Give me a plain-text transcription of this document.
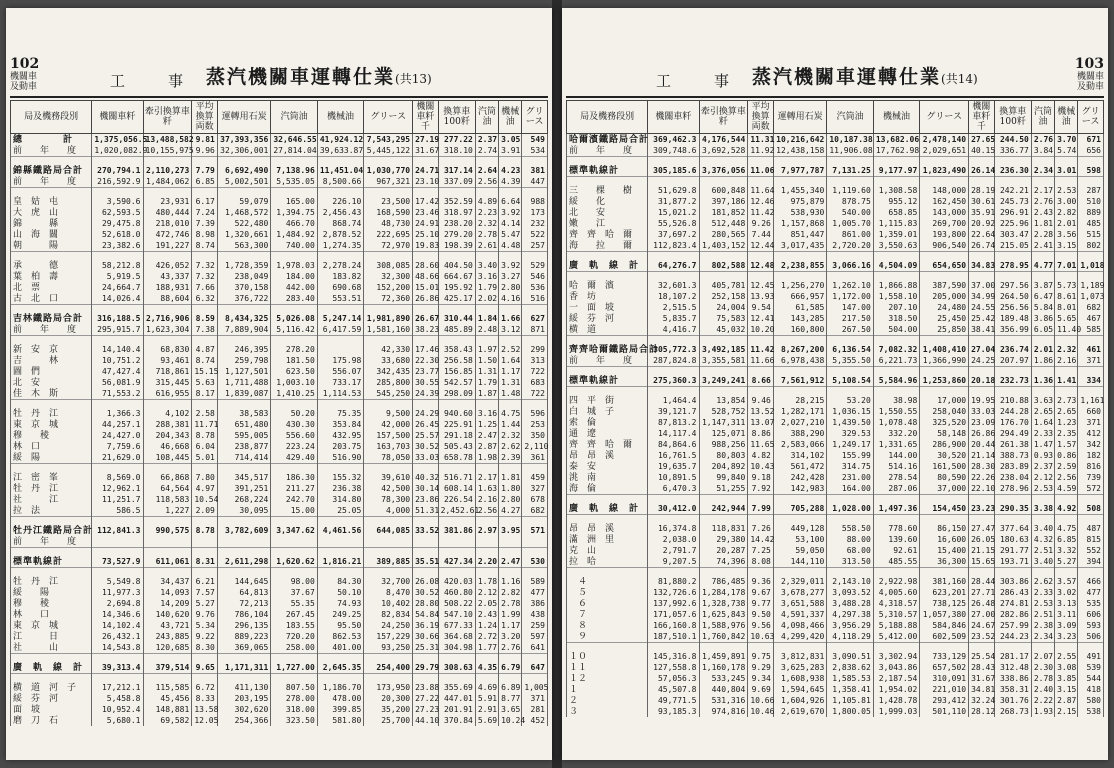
102
機關車
及動車	工　事 蒸汽機關車運轉仕業(共13)
局及機務段別	機關車粁	牽引換算車粁	平均換算両数	運轉用石炭	汽筒油	機械油	グリース	機關車粁千	換算車100粁	汽筒油	機械油	グリース
總　　　　計	1,375,056.5	13,488,582	9.81	37,393,356	32,646.55	41,924.12	7,543,295	27.19	277.22	2.37	3.05	549
前　　年　　度	1,020,082.9	10,155,975	9.96	32,306,001	27,814.04	39,633.87	5,445,122	31.67	318.10	2.74	3.91	534

錦縣鐵路局合計	270,794.1	2,110,273	7.79	6,692,490	7,138.96	11,451.04	1,030,770	24.71	317.14	2.64	4.23	381
前　　年　　度	216,592.9	1,484,062	6.85	5,002,501	5,535.05	8,500.66	967,321	23.10	337.09	2.56	4.39	447

皇　姑　屯	3,590.6	23,931	6.17	59,079	165.00	226.10	23,500	17.42	352.59	4.89	6.64	988
大　虎　山	62,593.5	480,444	7.24	1,468,572	1,394.75	2,456.43	168,590	23.46	318.97	2.23	3.92	173
錦　　　縣	29,475.8	218,010	7.39	522,480	466.70	868.74	48,730	24.91	238.20	2.32	4.14	232
山　海　關	52,618.0	472,746	8.98	1,320,661	1,484.92	2,878.52	222,695	25.10	279.20	2.78	5.47	522
朝　　　陽	23,382.6	191,227	8.74	563,300	740.00	1,274.35	72,970	19.83	198.39	2.61	4.48	257

承　　　德	58,212.8	426,052	7.32	1,728,359	1,978.03	2,278.24	308,085	28.60	404.50	3.40	3.92	529
葉　柏　壽	5,919.5	43,337	7.32	238,049	184.00	183.82	32,300	48.66	664.67	3.16	3.27	546
北　票	24,664.7	188,931	7.66	370,158	442.00	690.68	152,200	15.01	195.92	1.79	2.80	536
古　北　口	14,026.4	88,604	6.32	376,722	283.40	553.51	72,360	26.86	425.17	2.02	4.16	516

吉林鐵路局合計	316,188.5	2,716,906	8.59	8,434,325	5,026.08	5,247.14	1,981,890	26.67	310.44	1.84	1.66	627
前　　年　　度	295,915.7	1,623,304	7.38	7,889,904	5,116.42	6,417.59	1,581,160	38.23	485.89	2.48	3.12	871

新　安　京	14,140.4	68,830	4.87	246,395	278.20		42,330	17.46	358.43	1.97	2.52	299
吉　　　林	10,751.2	93,461	8.74	259,798	181.50	175.98	33,680	22.30	256.58	1.50	1.64	313
圖　們	47,427.4	718,861	15.15	1,127,501	623.50	556.07	342,435	23.77	156.85	1.31	1.17	722
北　安	56,081.9	315,445	5.63	1,711,488	1,003.10	733.17	285,800	30.55	542.57	1.79	1.31	683
佳　木　斯	71,553.2	616,955	8.17	1,839,087	1,410.25	1,114.53	545,250	24.39	298.09	1.87	1.48	722

牡　丹　江	1,366.3	4,102	2.58	38,583	50.20	75.35	9,500	24.29	940.60	3.16	4.75	596
東　京　城	44,257.1	288,381	11.71	651,480	430.30	353.84	42,000	26.45	225.91	1.25	1.44	253
穆　　稜	24,427.0	204,343	8.78	595,005	556.60	432.95	157,500	25.57	291.18	2.47	2.32	350
林　口	7,759.6	46,668	6.04	238,877	223.24	203.75	163,703	30.52	505.43	2.87	2.62	2,110
綏　陽	21,629.0	108,445	5.01	714,414	429.40	516.90	78,050	33.03	658.78	1.98	2.39	361

江　密　峯	8,569.0	66,868	7.80	345,517	186.30	155.32	39,610	40.32	516.71	2.17	1.81	459
牡　丹　江	12,962.1	64,564	4.97	391,251	211.27	236.38	42,500	30.14	608.14	1.63	1.80	327
社　　　江	11,251.7	118,583	10.54	268,224	242.70	314.80	78,300	23.86	226.54	2.16	2.80	678
拉　法	586.5	1,227	2.09	30,095	15.00	25.05	4,000	51.31	2,452.61	2.56	4.27	682

牡丹江鐵路局合計	112,841.3	990,575	8.78	3,782,609	3,347.62	4,461.56	644,085	33.52	381.86	2.97	3.95	571
前　　年　　度												

標準軌線計	73,527.9	611,061	8.31	2,611,298	1,620.62	1,816.21	389,885	35.51	427.34	2.20	2.47	530

牡　丹　江	5,549.8	34,437	6.21	144,645	98.00	84.30	32,700	26.08	420.03	1.78	1.16	589
綏　　陽	11,977.3	14,093	7.57	64,813	37.67	50.10	8,470	30.52	460.80	2.12	2.82	477
穆　　稜	2,694.8	14,209	5.27	72,213	55.35	74.93	10,402	28.80	508.22	2.05	2.78	386
林　　口	14,346.6	140,620	9.76	786,104	267.45	249.25	82,834	54.84	547.10	2.43	1.99	438
東　京　城	14,102.4	43,721	5.34	296,135	183.55	95.50	24,250	36.19	677.33	1.24	1.17	259
江　　　日	26,432.1	243,885	9.22	889,223	720.20	862.53	157,229	30.66	364.68	2.72	3.20	597
社　　　山	14,543.8	120,685	8.30	369,065	258.00	401.00	93,250	25.31	304.98	1.77	2.76	641

廣　軌　線　計	39,313.4	379,514	9.65	1,171,311	1,727.00	2,645.35	254,400	29.79	308.63	4.35	6.79	647

横　道　河　子	17,212.1	115,585	6.72	411,130	807.50	1,186.70	173,950	23.88	355.69	4.69	6.89	1,005
綏　芬　河	5,458.8	45,456	8.33	203,195	278.00	478.00	20,300	27.22	447.01	5.91	8.77	371
面　坡	10,952.4	148,881	13.58	302,620	318.00	399.85	35,200	27.23	201.91	2.91	3.65	281
磨　刀　石	5,680.1	69,582	12.05	254,366	323.50	581.80	25,700	44.10	370.84	5.69	10.24	452
103
機關車
及動車
工　事 蒸汽機關車運轉仕業(共14)
局及機務段別	機關車粁	牽引換算車粁	平均換算両数	運轉用石炭	汽筒油	機械油	グリース	機關車粁千	換算車100粁	汽筒油	機械油	グリース
哈爾濱鐵路局合計	369,462.3	4,176,544	11.31	10,216,642	10,187.38	13,682.06	2,478,140	27.65	244.50	2.76	3.70	671
前　　年　　度	309,748.6	3,692,528	11.92	12,438,158	11,906.08	17,762.98	2,029,651	40.15	336.77	3.84	5.74	656

標準軌線計	305,185.6	3,376,056	11.06	7,977,787	7,131.25	9,177.97	1,823,490	26.14	236.30	2.34	3.01	598

三　　棵　　樹	51,629.8	600,848	11.64	1,455,340	1,119.60	1,308.58	148,000	28.19	242.21	2.17	2.53	287
綏　　化	31,877.2	397,186	12.46	975,879	878.75	955.12	162,450	30.61	245.73	2.76	3.00	510
北　　安	15,021.2	181,852	11.42	538,930	540.00	658.85	143,000	35.91	296.91	2.43	2.82	889
嫩　　江	55,526.8	512,448	9.26	1,157,868	1,005.70	1,115.83	269,700	20.92	225.96	1.81	2.01	485
齊　齊　哈　爾	37,697.2	280,565	7.44	851,447	861.00	1,359.01	193,800	22.64	303.47	2.28	3.56	515
海　　拉　　爾	112,823.4	1,403,152	12.44	3,017,435	2,720.20	3,550.63	906,540	26.74	215.05	2.41	3.15	802

廣　軌　線　計	64,276.7	802,588	12.48	2,238,855	3,066.16	4,504.09	654,650	34.83	278.95	4.77	7.01	1,018

哈　爾　濱	32,601.3	405,781	12.45	1,256,270	1,262.10	1,866.88	387,590	37.00	297.56	3.87	5.73	1,189
香　坊	18,107.2	252,158	13.93	666,957	1,172.00	1,558.10	205,000	34.99	264.50	6.47	8.61	1,073
一　面　坡	2,515.5	24,004	9.54	61,585	147.00	207.10	24,480	24.55	256.56	5.84	8.01	682
綏　芬　河	5,835.7	75,583	12.41	143,285	217.50	318.50	25,450	25.42	189.48	3.86	5.65	467
横　道	4,416.7	45,032	10.20	160,800	267.50	504.00	25,850	38.41	356.99	6.05	11.40	585

齊齊哈爾鐵路局合計	305,772.3	3,492,185	11.42	8,267,200	6,136.54	7,082.32	1,408,410	27.04	236.74	2.01	2.32	461
前　　年　　度	287,824.8	3,355,581	11.66	6,978,438	5,355.50	6,221.73	1,366,990	24.25	207.97	1.86	2.16	371

標準軌線計	275,360.3	3,249,241	8.66	7,561,912	5,108.54	5,584.96	1,253,860	20.18	232.73	1.36	1.41	334

四　平　街	1,464.4	13,854	9.46	28,215	53.20	38.98	17,000	19.95	210.88	3.63	2.73	1,161
白　城　子	39,121.7	528,752	13.52	1,282,171	1,036.15	1,550.55	258,040	33.03	244.28	2.65	2.65	660
索　倫	87,813.2	1,147,311	13.07	2,027,210	1,439.50	1,078.48	325,520	23.09	176.70	1.64	1.23	371
通　遼	14,117.4	125,071	8.86	388,290	329.53	332.20	58,148	26.86	294.49	2.33	2.35	412
齊　齊　哈　爾	84,864.6	988,256	11.65	2,583,066	1,249.17	1,331.65	286,900	20.44	261.38	1.47	1.57	342
昂　昂　溪	16,761.5	80,803	4.82	314,102	155.99	144.00	30,520	21.14	388.73	0.93	0.86	182
泰　安	19,635.7	204,892	10.43	561,472	314.75	514.16	161,500	28.30	283.89	2.37	2.59	816
洮　南	10,891.5	99,840	9.18	242,428	231.00	278.54	80,590	22.26	238.04	2.12	2.56	739
海　倫	6,470.3	51,255	7.92	142,983	164.00	287.06	37,000	22.10	278.96	2.53	4.59	572

廣　軌　線　計	30,412.0	242,944	7.99	705,288	1,028.00	1,497.36	154,450	23.23	290.35	3.38	4.92	508

昂　昂　溪	16,374.8	118,831	7.26	449,128	558.50	778.60	86,150	27.47	377.64	3.40	4.75	487
滿　洲　里	2,038.0	29,380	14.42	53,100	88.00	139.60	16,600	26.05	180.63	4.32	6.85	815
克　山	2,791.7	20,287	7.25	59,050	68.00	92.61	15,400	21.15	291.77	2.51	3.32	552
拉　哈	9,207.5	74,396	8.08	144,110	313.50	485.55	36,300	15.65	193.71	3.40	5.27	394

　４	81,880.2	786,485	9.36	2,329,011	2,143.10	2,922.98	381,160	28.44	303.86	2.62	3.57	466
　５	132,726.6	1,284,178	9.67	3,678,277	3,093.52	4,005.60	623,201	27.71	286.43	2.33	3.02	477
　６	137,992.6	1,328,738	9.77	3,651,588	3,488.28	4,318.57	738,125	26.48	274.81	2.53	3.13	535
　７	171,057.6	1,625,843	9.50	4,591,337	4,297.38	5,310.57	1,057,380	27.00	282.86	2.51	3.11	606
　８	166,160.8	1,588,976	9.56	4,098,466	3,956.29	5,188.88	584,846	24.67	257.99	2.38	3.09	593
　９	187,510.1	1,760,842	10.63	4,299,420	4,118.29	5,412.00	602,509	23.52	244.23	2.34	3.23	506

１０	145,316.8	1,459,891	9.75	3,812,831	3,090.51	3,302.94	733,129	25.54	281.17	2.07	2.55	491
１１	127,558.8	1,160,178	9.29	3,625,283	2,838.62	3,043.86	657,502	28.43	312.48	2.30	3.08	539
１２	57,056.3	533,245	9.34	1,608,938	1,585.53	2,187.54	310,091	31.67	338.86	2.78	3.85	544
１	45,507.8	440,804	9.69	1,594,645	1,358.41	1,954.02	221,010	34.81	358.31	2.40	3.15	418
２	49,771.5	531,316	10.66	1,604,926	1,105.81	1,428.78	293,412	32.24	301.76	2.22	2.87	580
３	93,185.3	974,816	10.46	2,619,670	1,800.05	1,999.03	501,110	28.12	268.73	1.93	2.15	538
